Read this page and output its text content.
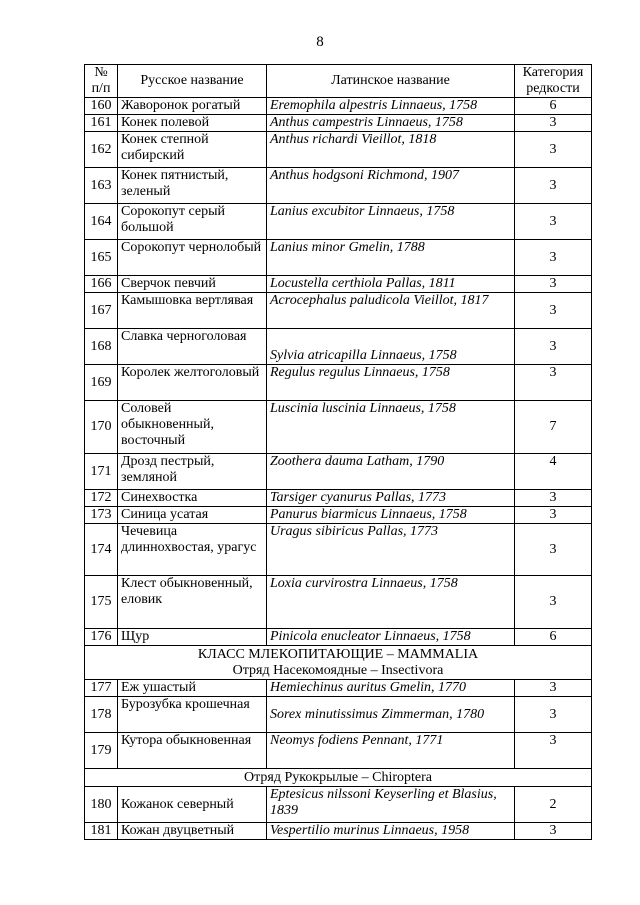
8
№ п/п	Русское название	Латинское название	Категория редкости
160	Жаворонок рогатый	Eremophila alpestris Linnaeus, 1758	6
161	Конек полевой	Anthus campestris Linnaeus, 1758	3
162	Конек степной сибирский	Anthus richardi Vieillot, 1818	3
163	Конек пятнистый, зеленый	Anthus hodgsoni Richmond, 1907	3
164	Сорокопут серый большой	Lanius excubitor Linnaeus, 1758	3
165	Сорокопут чернолобый	Lanius minor Gmelin, 1788	3
166	Сверчок певчий	Locustella certhiola Pallas, 1811	3
167	Камышовка вертлявая	Acrocephalus paludicola Vieillot, 1817	3
168	Славка черноголовая	Sylvia atricapilla Linnaeus, 1758	3
169	Королек желтоголовый	Regulus regulus Linnaeus, 1758	3
170	Соловей обыкновенный, восточный	Luscinia luscinia Linnaeus, 1758	7
171	Дрозд пестрый, земляной	Zoothera dauma Latham, 1790	4
172	Синехвостка	Tarsiger cyanurus Pallas, 1773	3
173	Синица усатая	Panurus biarmicus Linnaeus, 1758	3
174	Чечевица длиннохвостая, урагус	Uragus sibiricus Pallas, 1773	3
175	Клест обыкновенный, еловик	Loxia curvirostra Linnaeus, 1758	3
176	Щур	Pinicola enucleator Linnaeus, 1758	6

КЛАСС МЛЕКОПИТАЮЩИЕ – MAMMALIA
Отряд Насекомоядные – Insectivora			

177	Еж ушастый	Hemiechinus auritus Gmelin, 1770	3
178	Бурозубка крошечная	Sorex minutissimus Zimmerman, 1780	3
179	Кутора обыкновенная	Neomys fodiens Pennant, 1771	3
Отряд Рукокрылые – Chiroptera			
180	Кожанок северный	Eptesicus nilssoni Keyserling et Blasius, 1839	2
181	Кожан двуцветный	Vespertilio murinus Linnaeus, 1958	3
